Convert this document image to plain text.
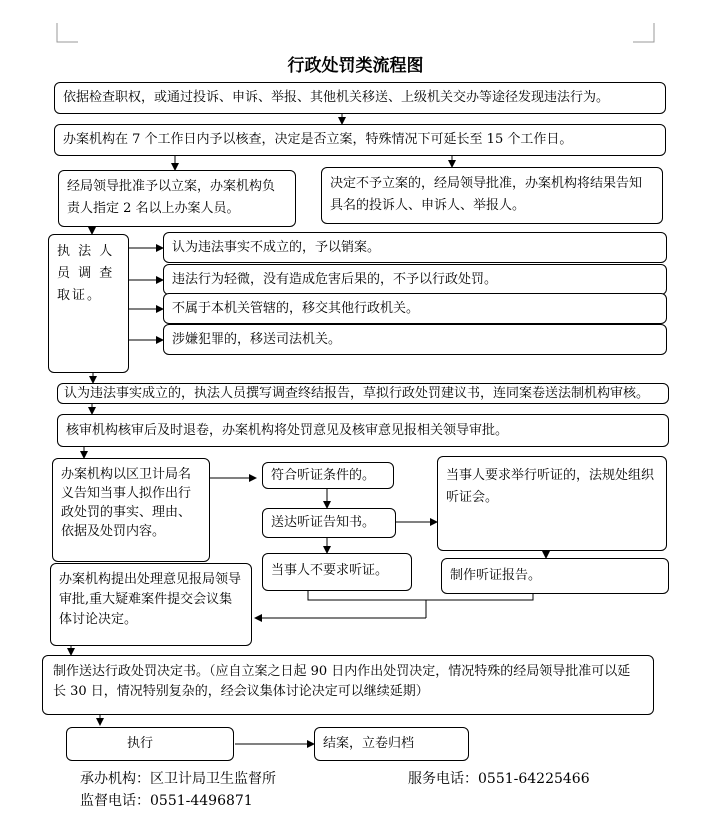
行政处罚类流程图
依据检查职权，或通过投诉、申诉、举报、其他机关移送、上级机关交办等途径发现违法行为。
办案机构在 7 个工作日内予以核查，决定是否立案，特殊情况下可延长至 15 个工作日。
经局领导批准予以立案，办案机构负责人指定 2 名以上办案人员。
决定不予立案的，经局领导批准，办案机构将结果告知具名的投诉人、申诉人、举报人。
执 法 人 员 调 查 取证。
认为违法事实不成立的，予以销案。
违法行为轻微，没有造成危害后果的，不予以行政处罚。
不属于本机关管辖的，移交其他行政机关。
涉嫌犯罪的，移送司法机关。
认为违法事实成立的，执法人员撰写调查终结报告，草拟行政处罚建议书，连同案卷送法制机构审核。
核审机构核审后及时退卷，办案机构将处罚意见及核审意见报相关领导审批。
办案机构以区卫计局名义告知当事人拟作出行政处罚的事实、理由、依据及处罚内容。
符合听证条件的。
送达听证告知书。
当事人要求举行听证的，法规处组织听证会。
当事人不要求听证。	制作听证报告。
办案机构提出处理意见报局领导审批,重大疑难案件提交会议集体讨论决定。
制作送达行政处罚决定书。（应自立案之日起 90 日内作出处罚决定，情况特殊的经局领导批准可以延长 30 日，情况特别复杂的，经会议集体讨论决定可以继续延期）
执行	结案，立卷归档
承办机构：区卫计局卫生监督所	服务电话：0551-64225466
监督电话：0551-4496871
